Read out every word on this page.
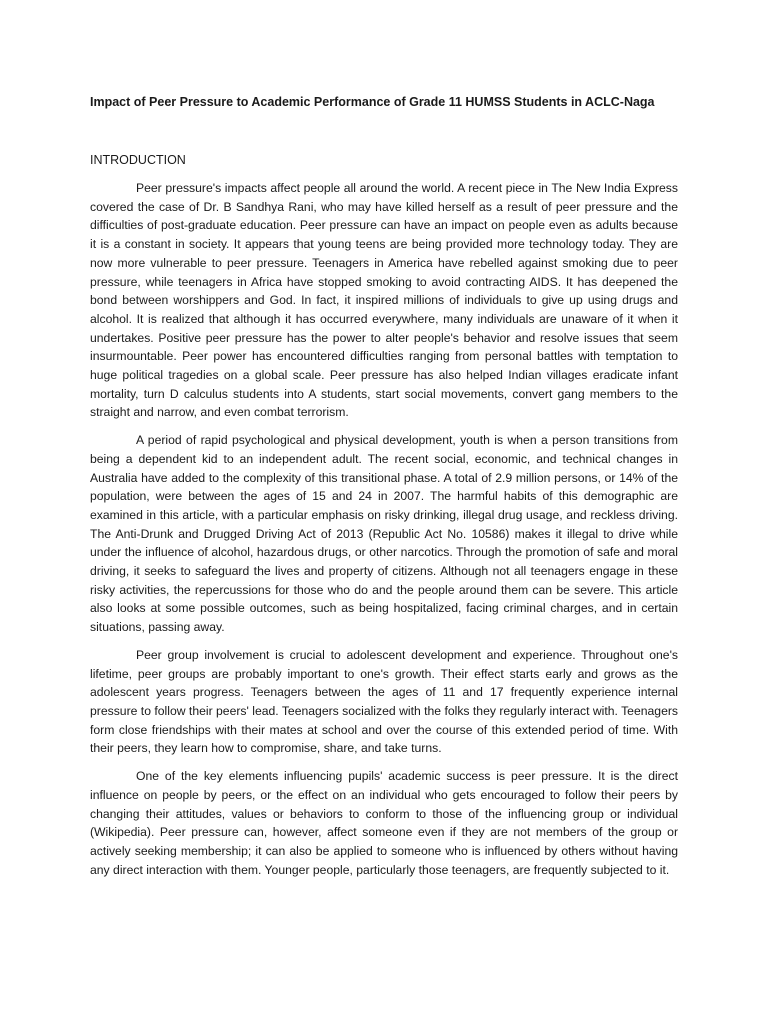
Impact of Peer Pressure to Academic Performance of Grade 11 HUMSS Students in ACLC-Naga
INTRODUCTION

Peer pressure's impacts affect people all around the world. A recent piece in The New India Express covered the case of Dr. B Sandhya Rani, who may have killed herself as a result of peer pressure and the difficulties of post-graduate education. Peer pressure can have an impact on people even as adults because it is a constant in society. It appears that young teens are being provided more technology today. They are now more vulnerable to peer pressure. Teenagers in America have rebelled against smoking due to peer pressure, while teenagers in Africa have stopped smoking to avoid contracting AIDS. It has deepened the bond between worshippers and God. In fact, it inspired millions of individuals to give up using drugs and alcohol. It is realized that although it has occurred everywhere, many individuals are unaware of it when it undertakes. Positive peer pressure has the power to alter people's behavior and resolve issues that seem insurmountable. Peer power has encountered difficulties ranging from personal battles with temptation to huge political tragedies on a global scale. Peer pressure has also helped Indian villages eradicate infant mortality, turn D calculus students into A students, start social movements, convert gang members to the straight and narrow, and even combat terrorism.

A period of rapid psychological and physical development, youth is when a person transitions from being a dependent kid to an independent adult. The recent social, economic, and technical changes in Australia have added to the complexity of this transitional phase. A total of 2.9 million persons, or 14% of the population, were between the ages of 15 and 24 in 2007. The harmful habits of this demographic are examined in this article, with a particular emphasis on risky drinking, illegal drug usage, and reckless driving. The Anti-Drunk and Drugged Driving Act of 2013 (Republic Act No. 10586) makes it illegal to drive while under the influence of alcohol, hazardous drugs, or other narcotics. Through the promotion of safe and moral driving, it seeks to safeguard the lives and property of citizens. Although not all teenagers engage in these risky activities, the repercussions for those who do and the people around them can be severe. This article also looks at some possible outcomes, such as being hospitalized, facing criminal charges, and in certain situations, passing away.

Peer group involvement is crucial to adolescent development and experience. Throughout one's lifetime, peer groups are probably important to one's growth. Their effect starts early and grows as the adolescent years progress. Teenagers between the ages of 11 and 17 frequently experience internal pressure to follow their peers' lead. Teenagers socialized with the folks they regularly interact with. Teenagers form close friendships with their mates at school and over the course of this extended period of time. With their peers, they learn how to compromise, share, and take turns.

One of the key elements influencing pupils' academic success is peer pressure. It is the direct influence on people by peers, or the effect on an individual who gets encouraged to follow their peers by changing their attitudes, values or behaviors to conform to those of the influencing group or individual (Wikipedia). Peer pressure can, however, affect someone even if they are not members of the group or actively seeking membership; it can also be applied to someone who is influenced by others without having any direct interaction with them. Younger people, particularly those teenagers, are frequently subjected to it.
